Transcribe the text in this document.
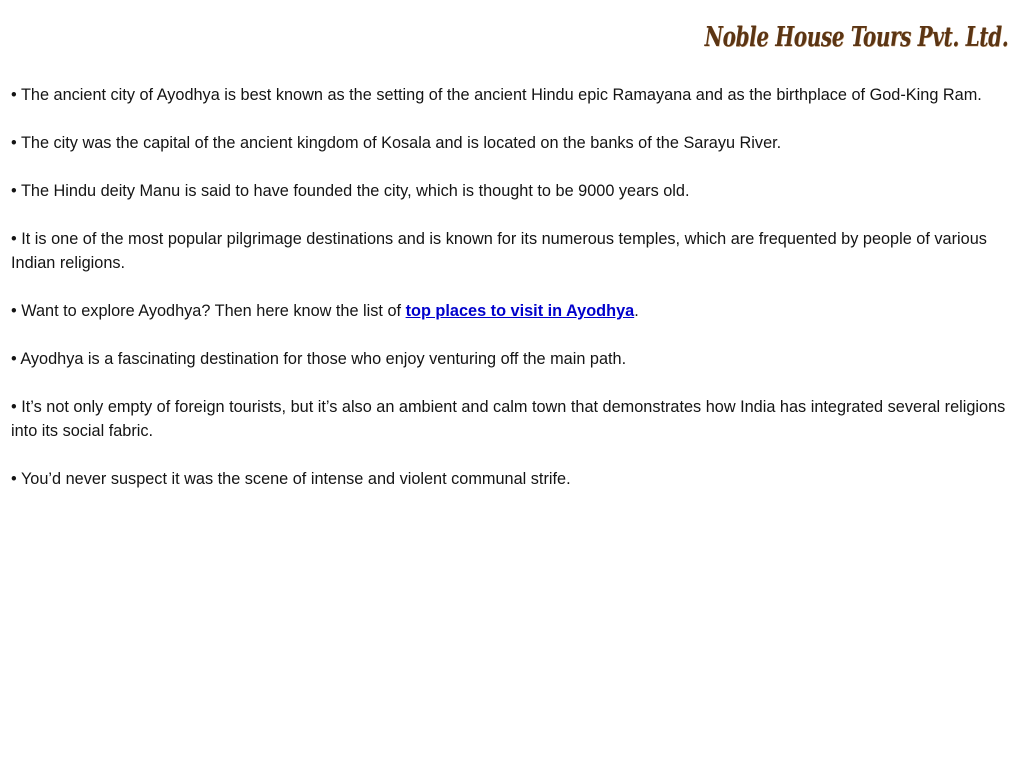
Noble House Tours Pvt. Ltd.

• The ancient city of Ayodhya is best known as the setting of the ancient Hindu epic Ramayana and as the birthplace of God-King Ram.

• The city was the capital of the ancient kingdom of Kosala and is located on the banks of the Sarayu River.

• The Hindu deity Manu is said to have founded the city, which is thought to be 9000 years old.

• It is one of the most popular pilgrimage destinations and is known for its numerous temples, which are frequented by people of various Indian religions.

• Want to explore Ayodhya? Then here know the list of top places to visit in Ayodhya.

• Ayodhya is a fascinating destination for those who enjoy venturing off the main path.

• It’s not only empty of foreign tourists, but it’s also an ambient and calm town that demonstrates how India has integrated several religions into its social fabric.

• You’d never suspect it was the scene of intense and violent communal strife.
